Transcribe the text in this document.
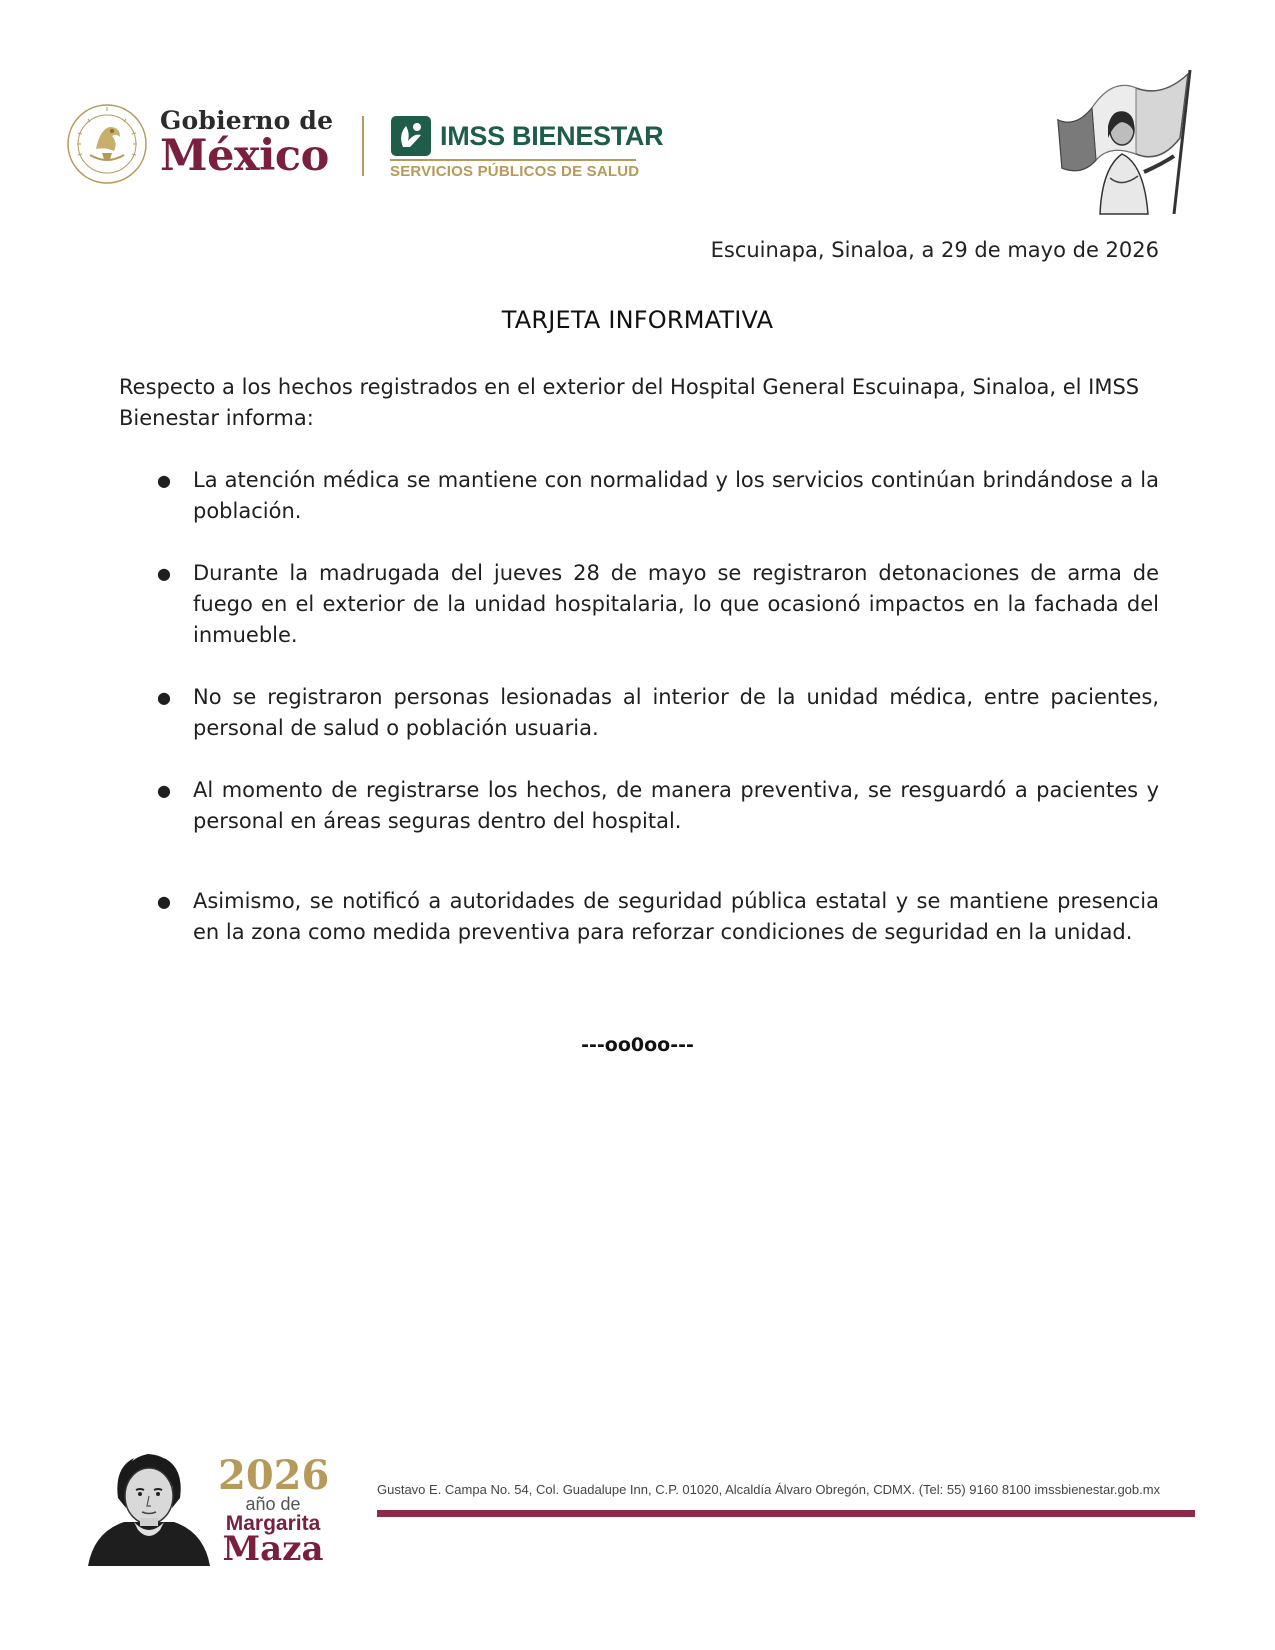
Gobierno de
México	IMSS BIENESTAR
SERVICIOS PÚBLICOS DE SALUD
Escuinapa, Sinaloa, a 29 de mayo de 2026
TARJETA INFORMATIVA

Respecto a los hechos registrados en el exterior del Hospital General Escuinapa, Sinaloa, el IMSS Bienestar informa:

● La atención médica se mantiene con normalidad y los servicios continúan brindándose a la población.
● Durante la madrugada del jueves 28 de mayo se registraron detonaciones de arma de fuego en el exterior de la unidad hospitalaria, lo que ocasionó impactos en la fachada del inmueble.
● No se registraron personas lesionadas al interior de la unidad médica, entre pacientes, personal de salud o población usuaria.
● Al momento de registrarse los hechos, de manera preventiva, se resguardó a pacientes y personal en áreas seguras dentro del hospital.
● Asimismo, se notificó a autoridades de seguridad pública estatal y se mantiene presencia en la zona como medida preventiva para reforzar condiciones de seguridad en la unidad.
---oo0oo---
2026
año de
Margarita
Maza
Gustavo E. Campa No. 54, Col. Guadalupe Inn, C.P. 01020, Alcaldía Álvaro Obregón, CDMX. (Tel: 55) 9160 8100 imssbienestar.gob.mx
